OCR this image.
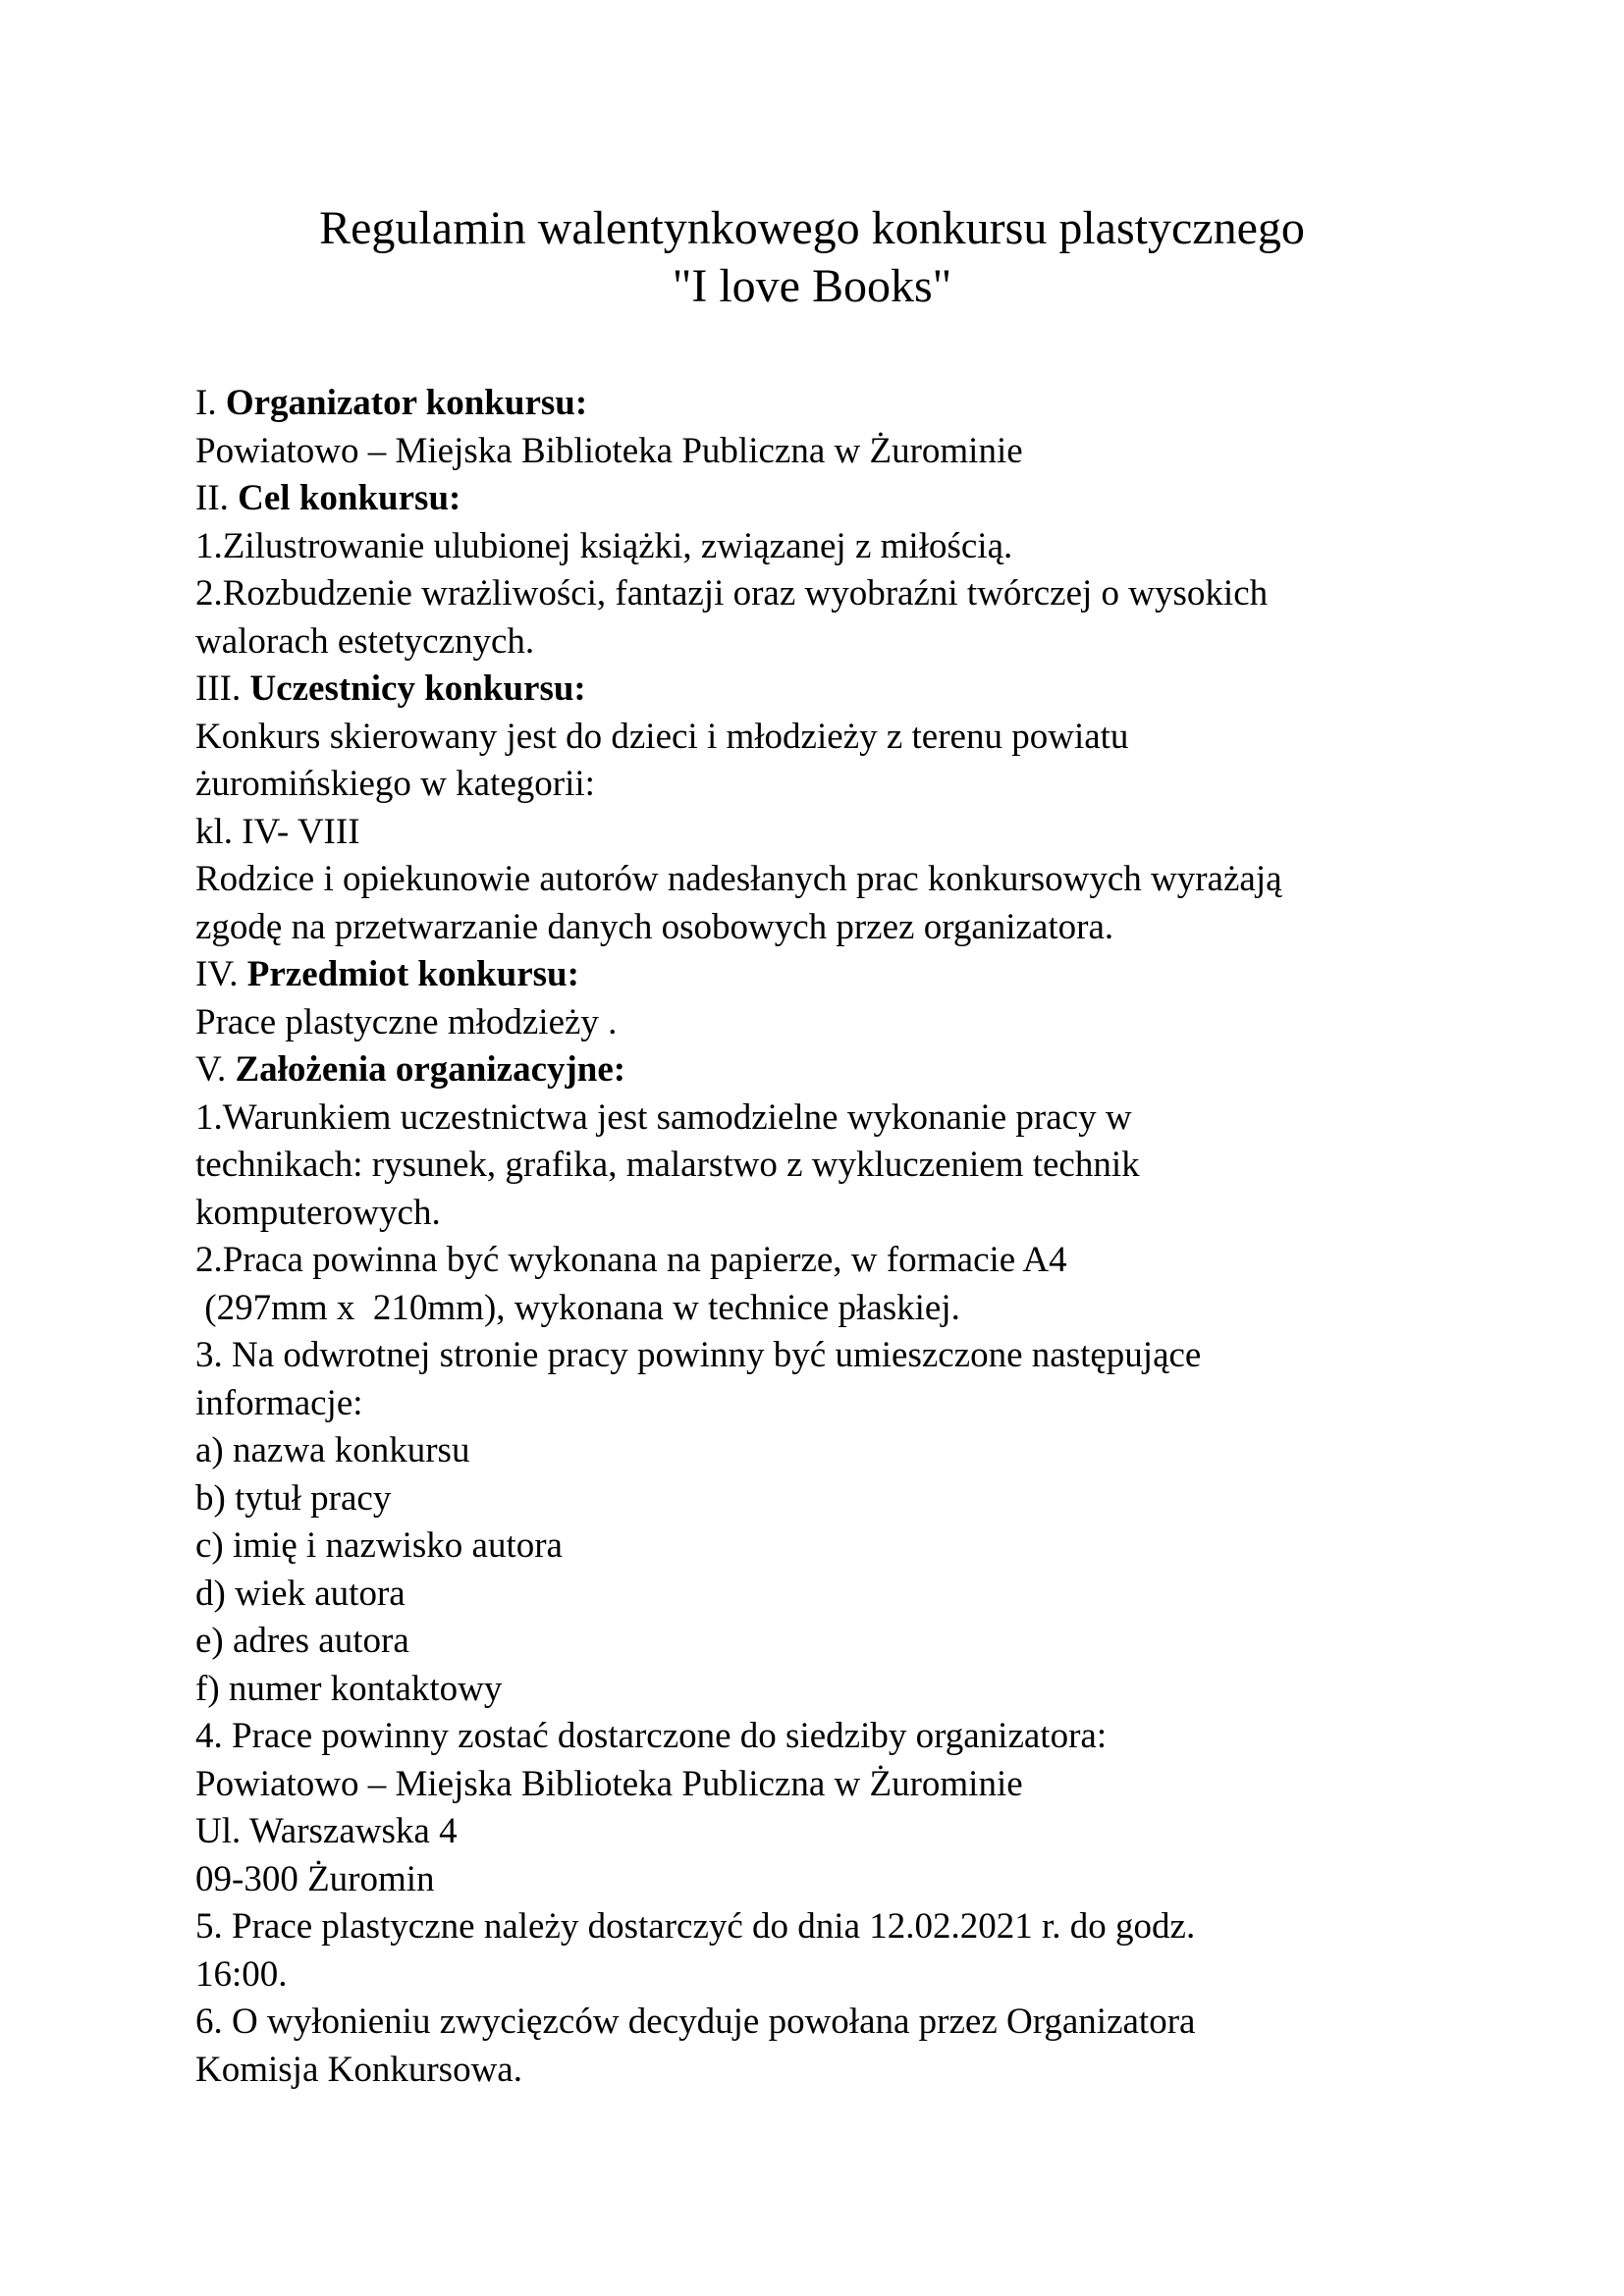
Regulamin walentynkowego konkursu plastycznego
"I love Books"
I. Organizator konkursu:
Powiatowo – Miejska Biblioteka Publiczna w Żurominie
II. Cel konkursu:
1.Zilustrowanie ulubionej książki, związanej z miłością.
2.Rozbudzenie wrażliwości, fantazji oraz wyobraźni twórczej o wysokich
walorach estetycznych.
III. Uczestnicy konkursu:
Konkurs skierowany jest do dzieci i młodzieży z terenu powiatu
żuromińskiego w kategorii:
kl. IV- VIII
Rodzice i opiekunowie autorów nadesłanych prac konkursowych wyrażają
zgodę na przetwarzanie danych osobowych przez organizatora.
IV. Przedmiot konkursu:
Prace plastyczne młodzieży .
V. Założenia organizacyjne:
1.Warunkiem uczestnictwa jest samodzielne wykonanie pracy w
technikach: rysunek, grafika, malarstwo z wykluczeniem technik
komputerowych.
2.Praca powinna być wykonana na papierze, w formacie A4
(297mm x  210mm), wykonana w technice płaskiej.
3. Na odwrotnej stronie pracy powinny być umieszczone następujące
informacje:
a) nazwa konkursu
b) tytuł pracy
c) imię i nazwisko autora
d) wiek autora
e) adres autora
f) numer kontaktowy
4. Prace powinny zostać dostarczone do siedziby organizatora:
Powiatowo – Miejska Biblioteka Publiczna w Żurominie
Ul. Warszawska 4
09-300 Żuromin
5. Prace plastyczne należy dostarczyć do dnia 12.02.2021 r. do godz.
16:00.
6. O wyłonieniu zwycięzców decyduje powołana przez Organizatora
Komisja Konkursowa.
